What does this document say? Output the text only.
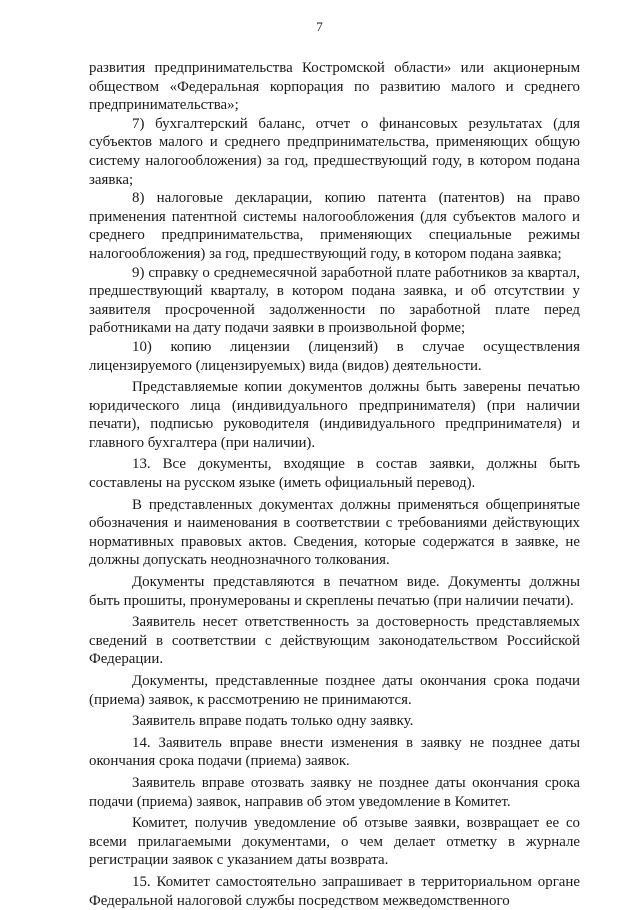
7

развития предпринимательства Костромской области» или акционерным обществом «Федеральная корпорация по развитию малого и среднего предпринимательства»;

7) бухгалтерский баланс, отчет о финансовых результатах (для субъектов малого и среднего предпринимательства, применяющих общую систему налогообложения) за год, предшествующий году, в котором подана заявка;

8) налоговые декларации, копию патента (патентов) на право применения патентной системы налогообложения (для субъектов малого и среднего предпринимательства, применяющих специальные режимы налогообложения) за год, предшествующий году, в котором подана заявка;

9) справку о среднемесячной заработной плате работников за квартал, предшествующий кварталу, в котором подана заявка, и об отсутствии у заявителя просроченной задолженности по заработной плате перед работниками на дату подачи заявки в произвольной форме;

10) копию лицензии (лицензий) в случае осуществления лицензируемого (лицензируемых) вида (видов) деятельности.

Представляемые копии документов должны быть заверены печатью юридического лица (индивидуального предпринимателя) (при наличии печати), подписью руководителя (индивидуального предпринимателя) и главного бухгалтера (при наличии).

13. Все документы, входящие в состав заявки, должны быть составлены на русском языке (иметь официальный перевод).

В представленных документах должны применяться общепринятые обозначения и наименования в соответствии с требованиями действующих нормативных правовых актов. Сведения, которые содержатся в заявке, не должны допускать неоднозначного толкования.

Документы представляются в печатном виде. Документы должны быть прошиты, пронумерованы и скреплены печатью (при наличии печати).

Заявитель несет ответственность за достоверность представляемых сведений в соответствии с действующим законодательством Российской Федерации.

Документы, представленные позднее даты окончания срока подачи (приема) заявок, к рассмотрению не принимаются.

Заявитель вправе подать только одну заявку.

14. Заявитель вправе внести изменения в заявку не позднее даты окончания срока подачи (приема) заявок.

Заявитель вправе отозвать заявку не позднее даты окончания срока подачи (приема) заявок, направив об этом уведомление в Комитет.

Комитет, получив уведомление об отзыве заявки, возвращает ее со всеми прилагаемыми документами, о чем делает отметку в журнале регистрации заявок с указанием даты возврата.

15. Комитет самостоятельно запрашивает в территориальном органе Федеральной налоговой службы посредством межведомственного
